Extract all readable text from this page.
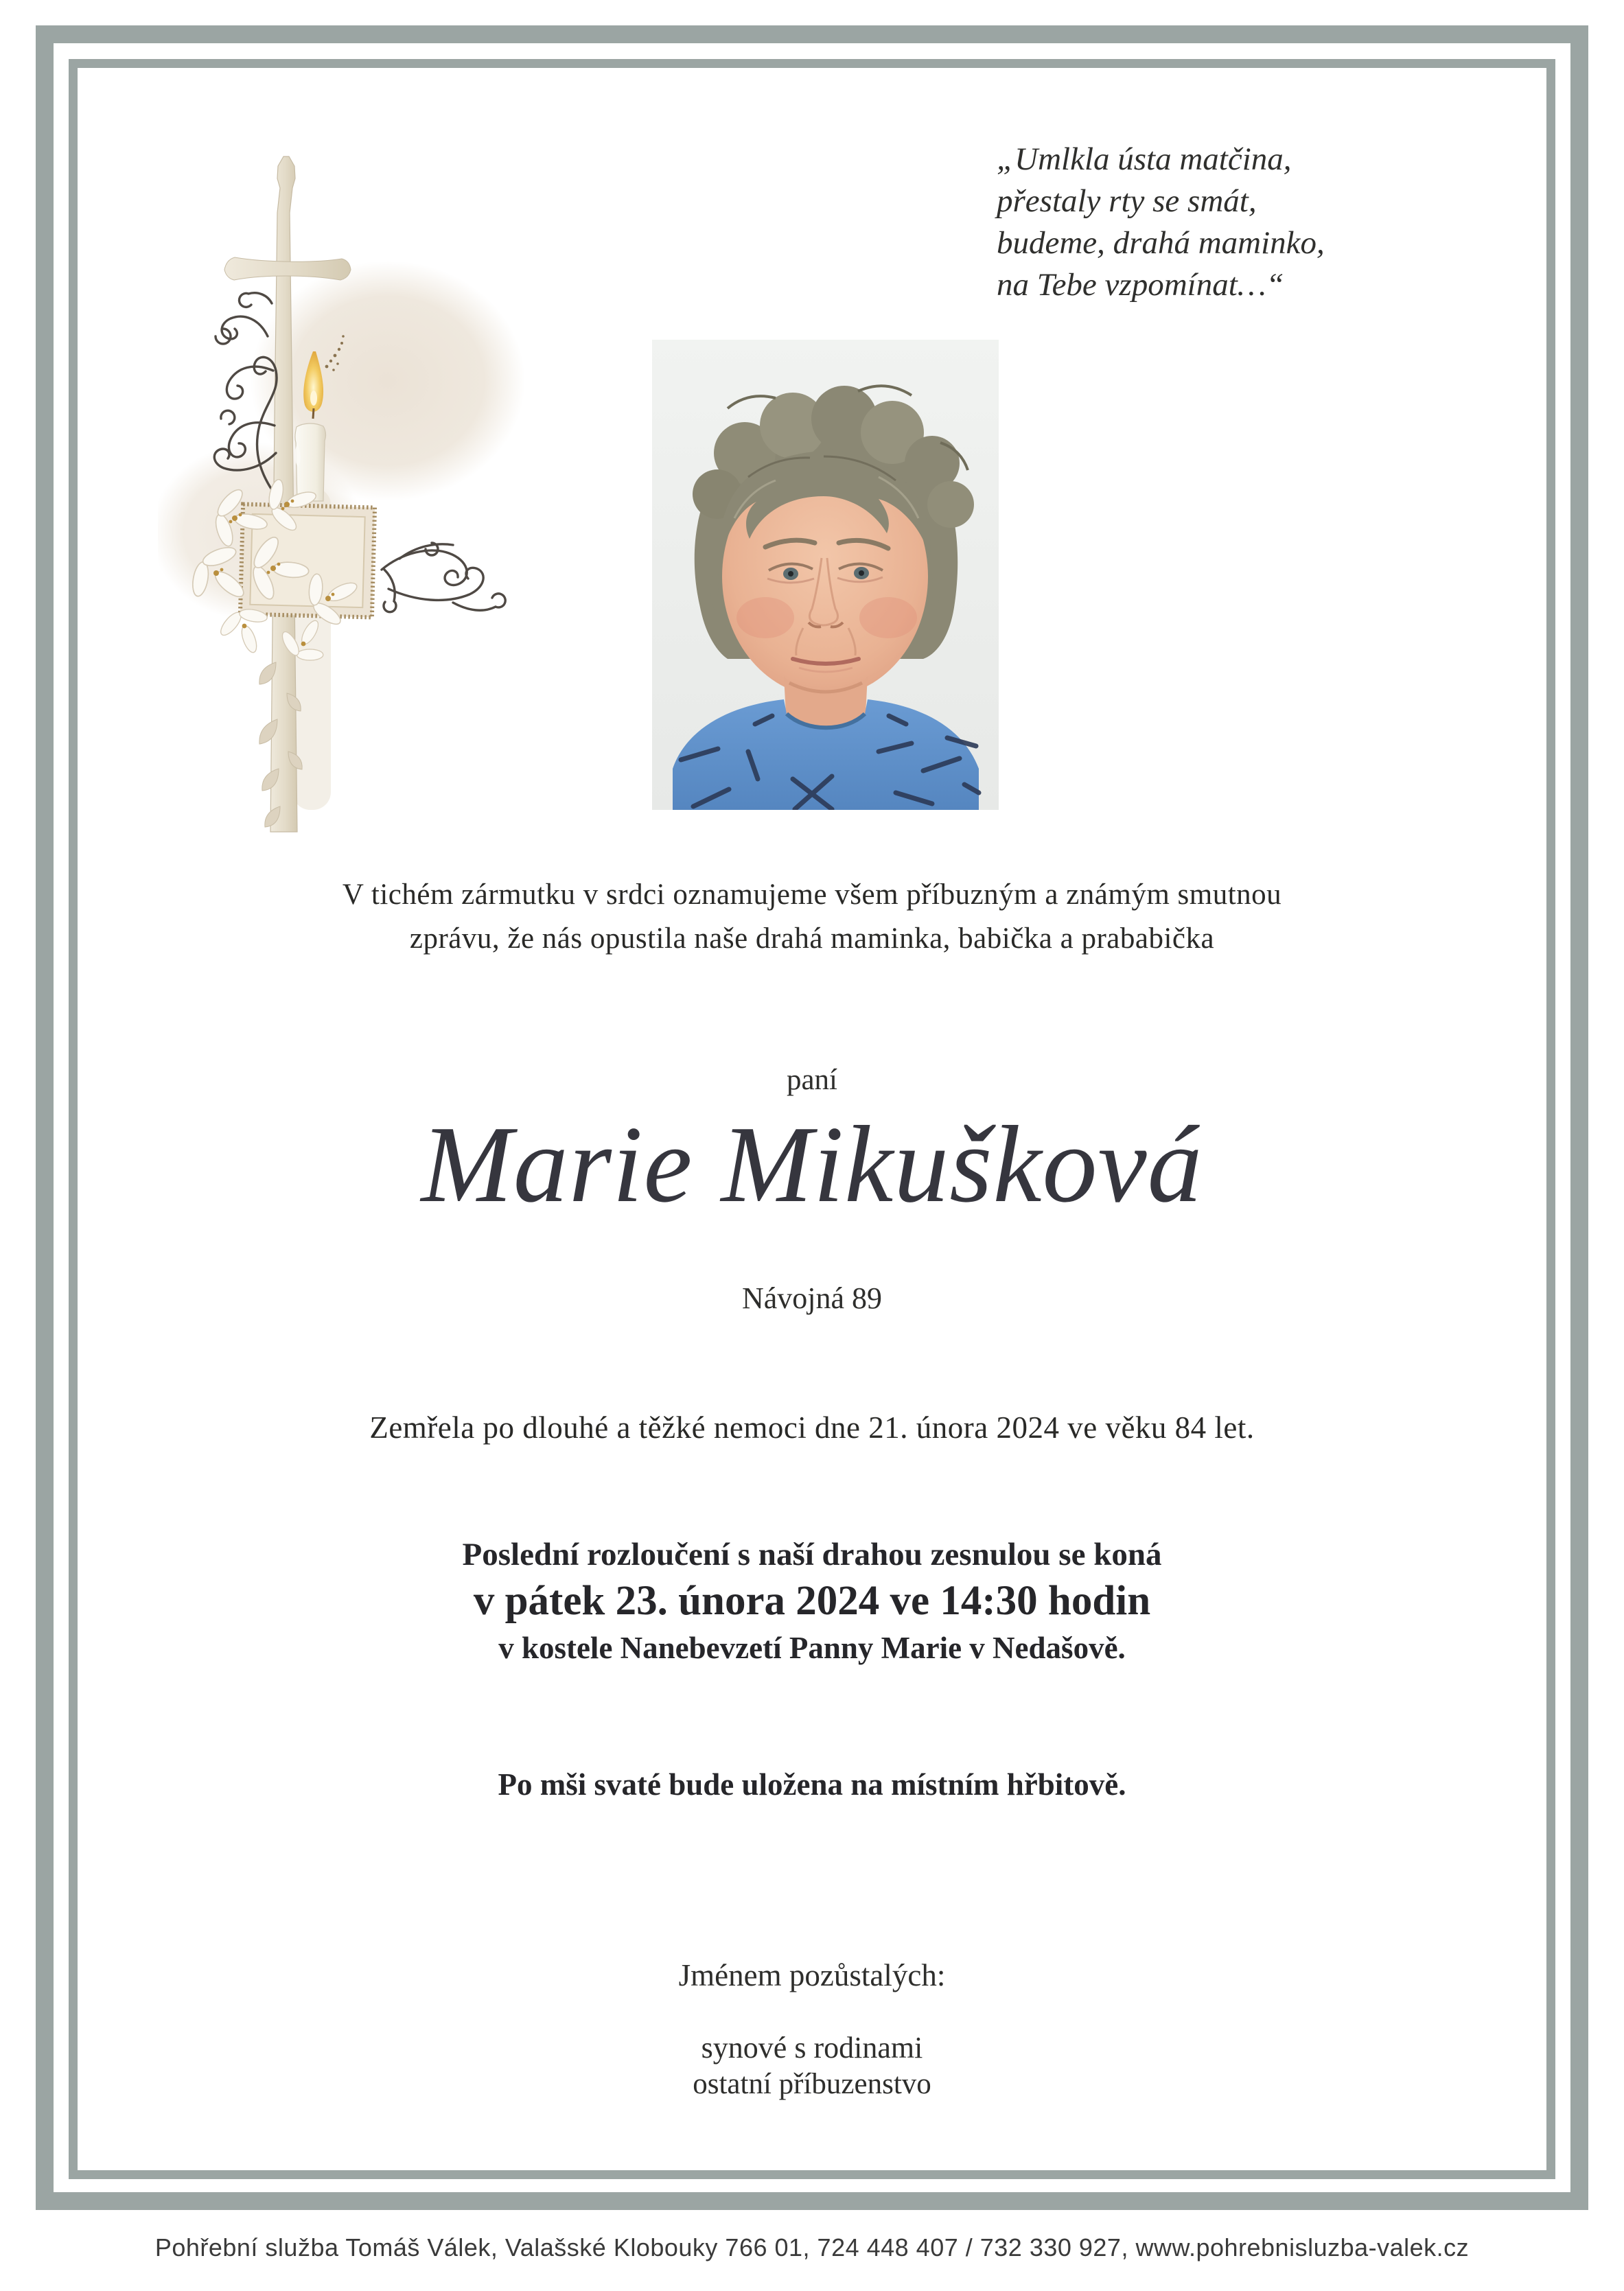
„Umlkla ústa matčina,
přestaly rty se smát,
budeme, drahá maminko,
na Tebe vzpomínat…“
V tichém zármutku v srdci oznamujeme všem příbuzným a známým smutnou
zprávu, že nás opustila naše drahá maminka, babička a prababička
paní
Marie Mikušková
Návojná 89
Zemřela po dlouhé a těžké nemoci dne 21. února 2024 ve věku 84 let.
Poslední rozloučení s naší drahou zesnulou se koná
v pátek 23. února 2024 ve 14:30 hodin
v kostele Nanebevzetí Panny Marie v Nedašově.
Po mši svaté bude uložena na místním hřbitově.
Jménem pozůstalých:
synové s rodinami
ostatní příbuzenstvo
Pohřební služba Tomáš Válek, Valašské Klobouky 766 01, 724 448 407 / 732 330 927, www.pohrebnisluzba-valek.cz
